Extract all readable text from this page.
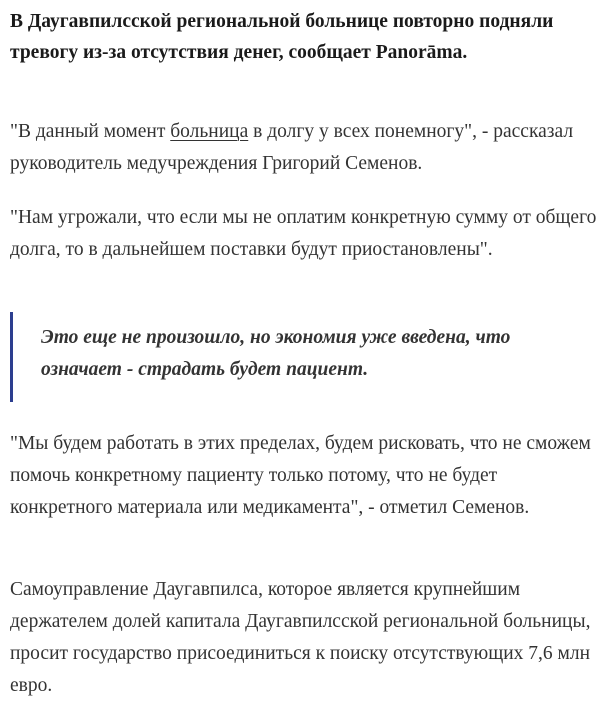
В Даугавпилсской региональной больнице повторно подняли тревогу из-за отсутствия денег, сообщает Panorāma.

"В данный момент больница в долгу у всех понемногу", - рассказал руководитель медучреждения Григорий Семенов.

"Нам угрожали, что если мы не оплатим конкретную сумму от общего долга, то в дальнейшем поставки будут приостановлены".

Это еще не произошло, но экономия уже введена, что означает - страдать будет пациент.

"Мы будем работать в этих пределах, будем рисковать, что не сможем помочь конкретному пациенту только потому, что не будет конкретного материала или медикамента", - отметил Семенов.

Самоуправление Даугавпилса, которое является крупнейшим держателем долей капитала Даугавпилсской региональной больницы, просит государство присоединиться к поиску отсутствующих 7,6 млн евро.
